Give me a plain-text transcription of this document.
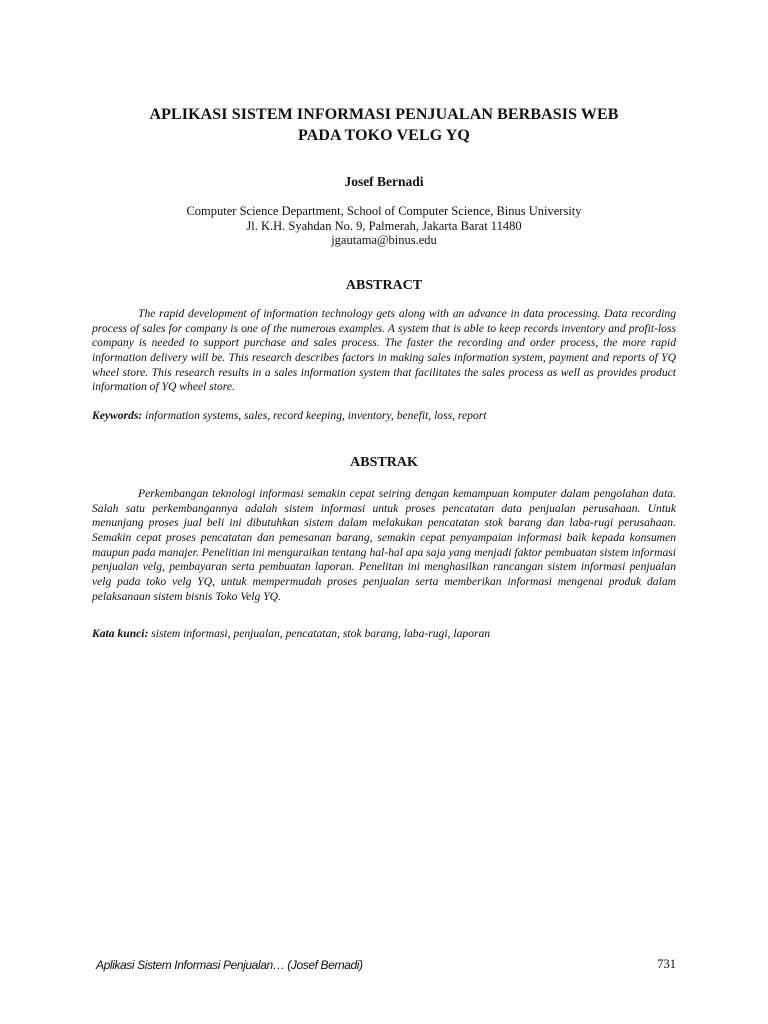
APLIKASI SISTEM INFORMASI PENJUALAN BERBASIS WEB
PADA TOKO VELG YQ
Josef Bernadi
Computer Science Department, School of Computer Science, Binus University
Jl. K.H. Syahdan No. 9, Palmerah, Jakarta Barat 11480
jgautama@binus.edu
ABSTRACT

The rapid development of information technology gets along with an advance in data processing. Data recording process of sales for company is one of the numerous examples. A system that is able to keep records inventory and profit-loss company is needed to support purchase and sales process. The faster the recording and order process, the more rapid information delivery will be. This research describes factors in making sales information system, payment and reports of YQ wheel store. This research results in a sales information system that facilitates the sales process as well as provides product information of YQ wheel store.

Keywords: information systems, sales, record keeping, inventory, benefit, loss, report

ABSTRAK

Perkembangan teknologi informasi semakin cepat seiring dengan kemampuan komputer dalam pengolahan data. Salah satu perkembangannya adalah sistem informasi untuk proses pencatatan data penjualan perusahaan. Untuk menunjang proses jual beli ini dibutuhkan sistem dalam melakukan pencatatan stok barang dan laba-rugi perusahaan. Semakin cepat proses pencatatan dan pemesanan barang, semakin cepat penyampaian informasi baik kepada konsumen maupun pada manajer. Penelitian ini menguraikan tentang hal-hal apa saja yang menjadi faktor pembuatan sistem informasi penjualan velg, pembayaran serta pembuatan laporan. Penelitan ini menghasilkan rancangan sistem informasi penjualan velg pada toko velg YQ, untuk mempermudah proses penjualan serta memberikan informasi mengenai produk dalam pelaksanaan sistem bisnis Toko Velg YQ.

Kata kunci: sistem informasi, penjualan, pencatatan, stok barang, laba-rugi, laporan

Aplikasi Sistem Informasi Penjualan… (Josef Bernadi)	731
